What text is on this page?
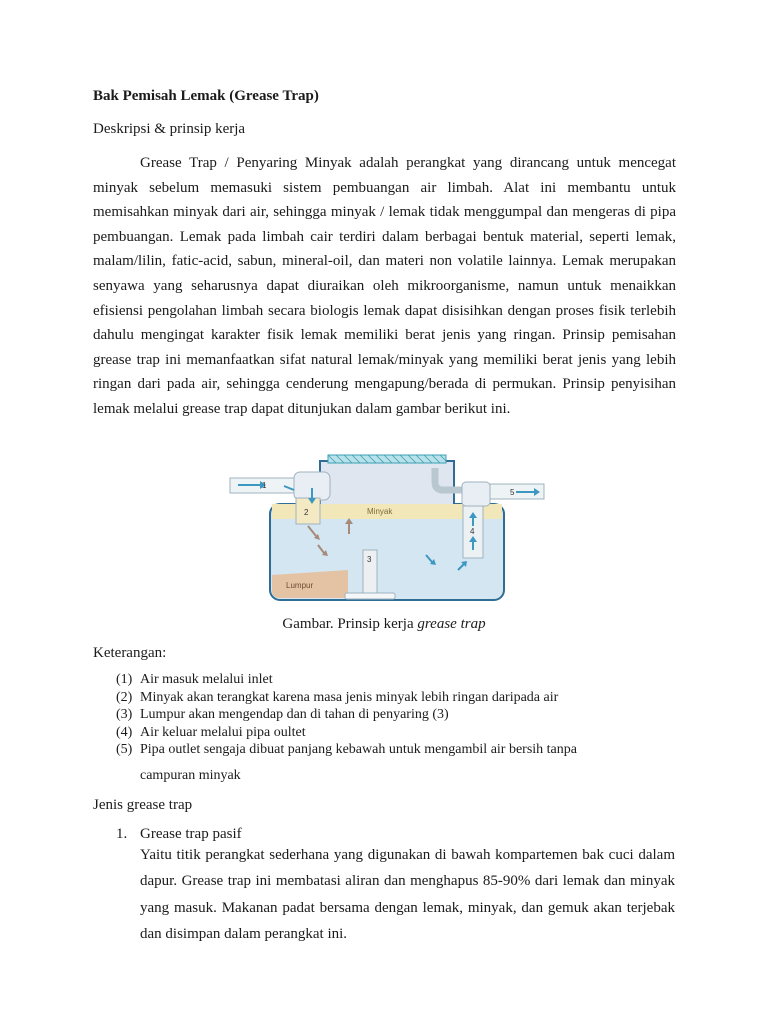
Bak Pemisah Lemak (Grease Trap)
Deskripsi & prinsip kerja
Grease Trap / Penyaring Minyak adalah perangkat yang dirancang untuk mencegat minyak sebelum memasuki sistem pembuangan air limbah. Alat ini membantu untuk memisahkan minyak dari air, sehingga minyak / lemak tidak menggumpal dan mengeras di pipa pembuangan. Lemak pada limbah cair terdiri dalam berbagai bentuk material, seperti lemak, malam/lilin, fatic-acid, sabun, mineral-oil, dan materi non volatile lainnya. Lemak merupakan senyawa yang seharusnya dapat diuraikan oleh mikroorganisme, namun untuk menaikkan efisiensi pengolahan limbah secara biologis lemak dapat disisihkan dengan proses fisik terlebih dahulu mengingat karakter fisik lemak memiliki berat jenis yang ringan. Prinsip pemisahan grease trap ini memanfaatkan sifat natural lemak/minyak yang memiliki berat jenis yang lebih ringan dari pada air, sehingga cenderung mengapung/berada di permukan. Prinsip penyisihan lemak melalui grease trap dapat ditunjukan dalam gambar berikut ini.
Minyak
Lumpur
1
2
3
4
5
Gambar. Prinsip kerja grease trap
Keterangan:
(1) Air masuk melalui inlet
(2) Minyak akan terangkat karena masa jenis minyak lebih ringan daripada air
(3) Lumpur akan mengendap dan di tahan di penyaring (3)
(4) Air keluar melalui pipa oultet
(5) Pipa outlet sengaja dibuat panjang kebawah untuk mengambil air bersih tanpa
campuran minyak
Jenis grease trap
1. Grease trap pasif
Yaitu titik perangkat sederhana yang digunakan di bawah kompartemen bak cuci dalam dapur. Grease trap ini membatasi aliran dan menghapus 85-90% dari lemak dan minyak yang masuk. Makanan padat bersama dengan lemak, minyak, dan gemuk akan terjebak dan disimpan dalam perangkat ini.
